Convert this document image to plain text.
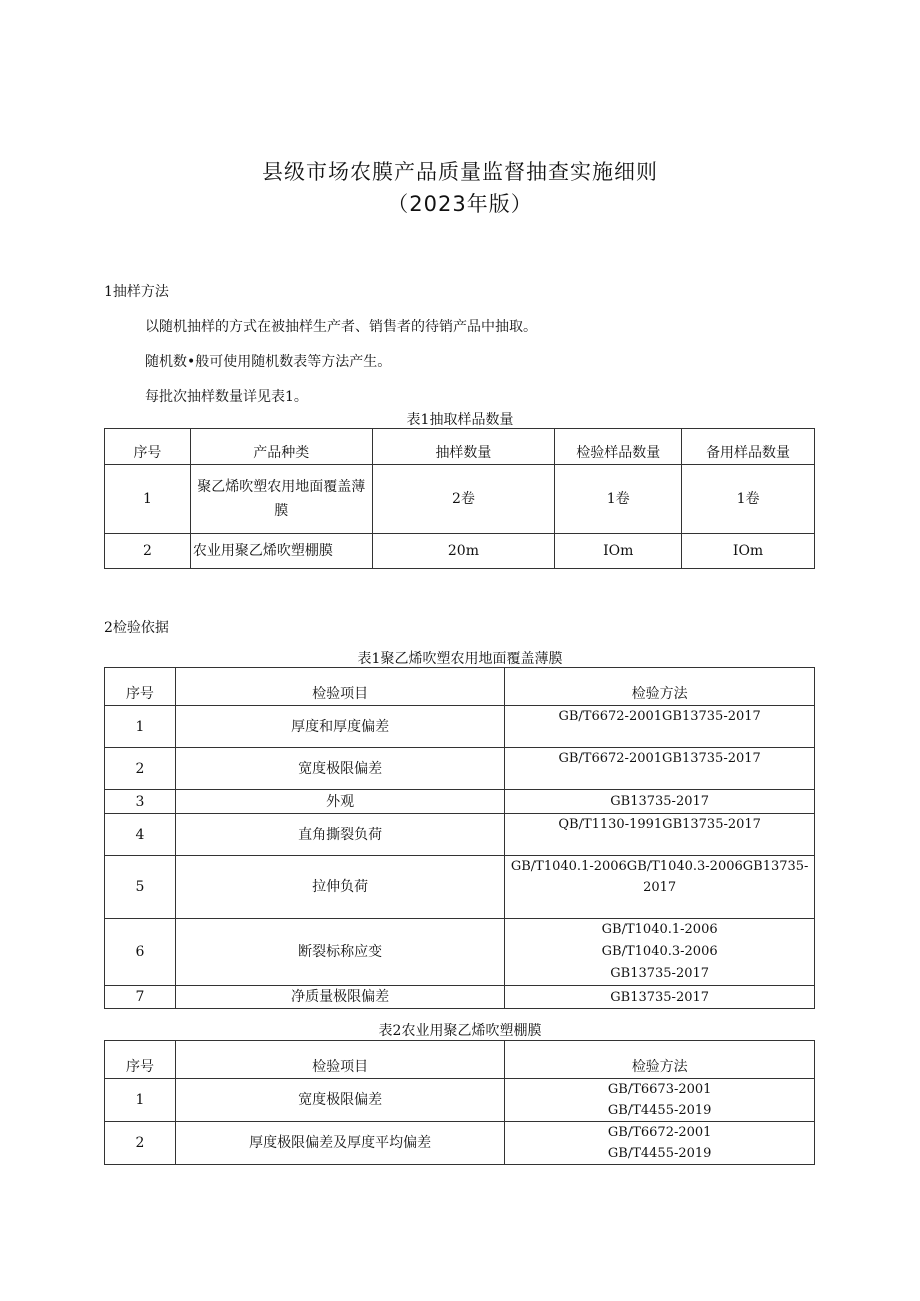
县级市场农膜产品质量监督抽查实施细则
（2023年版）
1抽样方法
以随机抽样的方式在被抽样生产者、销售者的待销产品中抽取。
随机数•般可使用随机数表等方法产生。
每批次抽样数量详见表1。
表1抽取样品数量
序号	产品种类	抽样数量	检验样品数量	备用样品数量
1	聚乙烯吹塑农用地面覆盖薄膜	2卷	1卷	1卷
2	农业用聚乙烯吹塑棚膜	20m	IOm	IOm
2检验依据
表1聚乙烯吹塑农用地面覆盖薄膜
序号	检验项目	检验方法
1	厚度和厚度偏差	GB/T6672-2001GB13735-2017
2	宽度极限偏差	GB/T6672-2001GB13735-2017
3	外观	GB13735-2017
4	直角撕裂负荷	QB/T1130-1991GB13735-2017
5	拉伸负荷	GB/T1040.1-2006GB/T1040.3-2006GB13735-
2017

6	断裂标称应变	GB/T1040.1-2006
GB/T1040.3-2006
GB13735-2017

7	净质量极限偏差	GB13735-2017
表2农业用聚乙烯吹塑棚膜
序号	检验项目	检验方法
1	宽度极限偏差	GB/T6673-2001
GB/T4455-2019

2	厚度极限偏差及厚度平均偏差	GB/T6672-2001
GB/T4455-2019
